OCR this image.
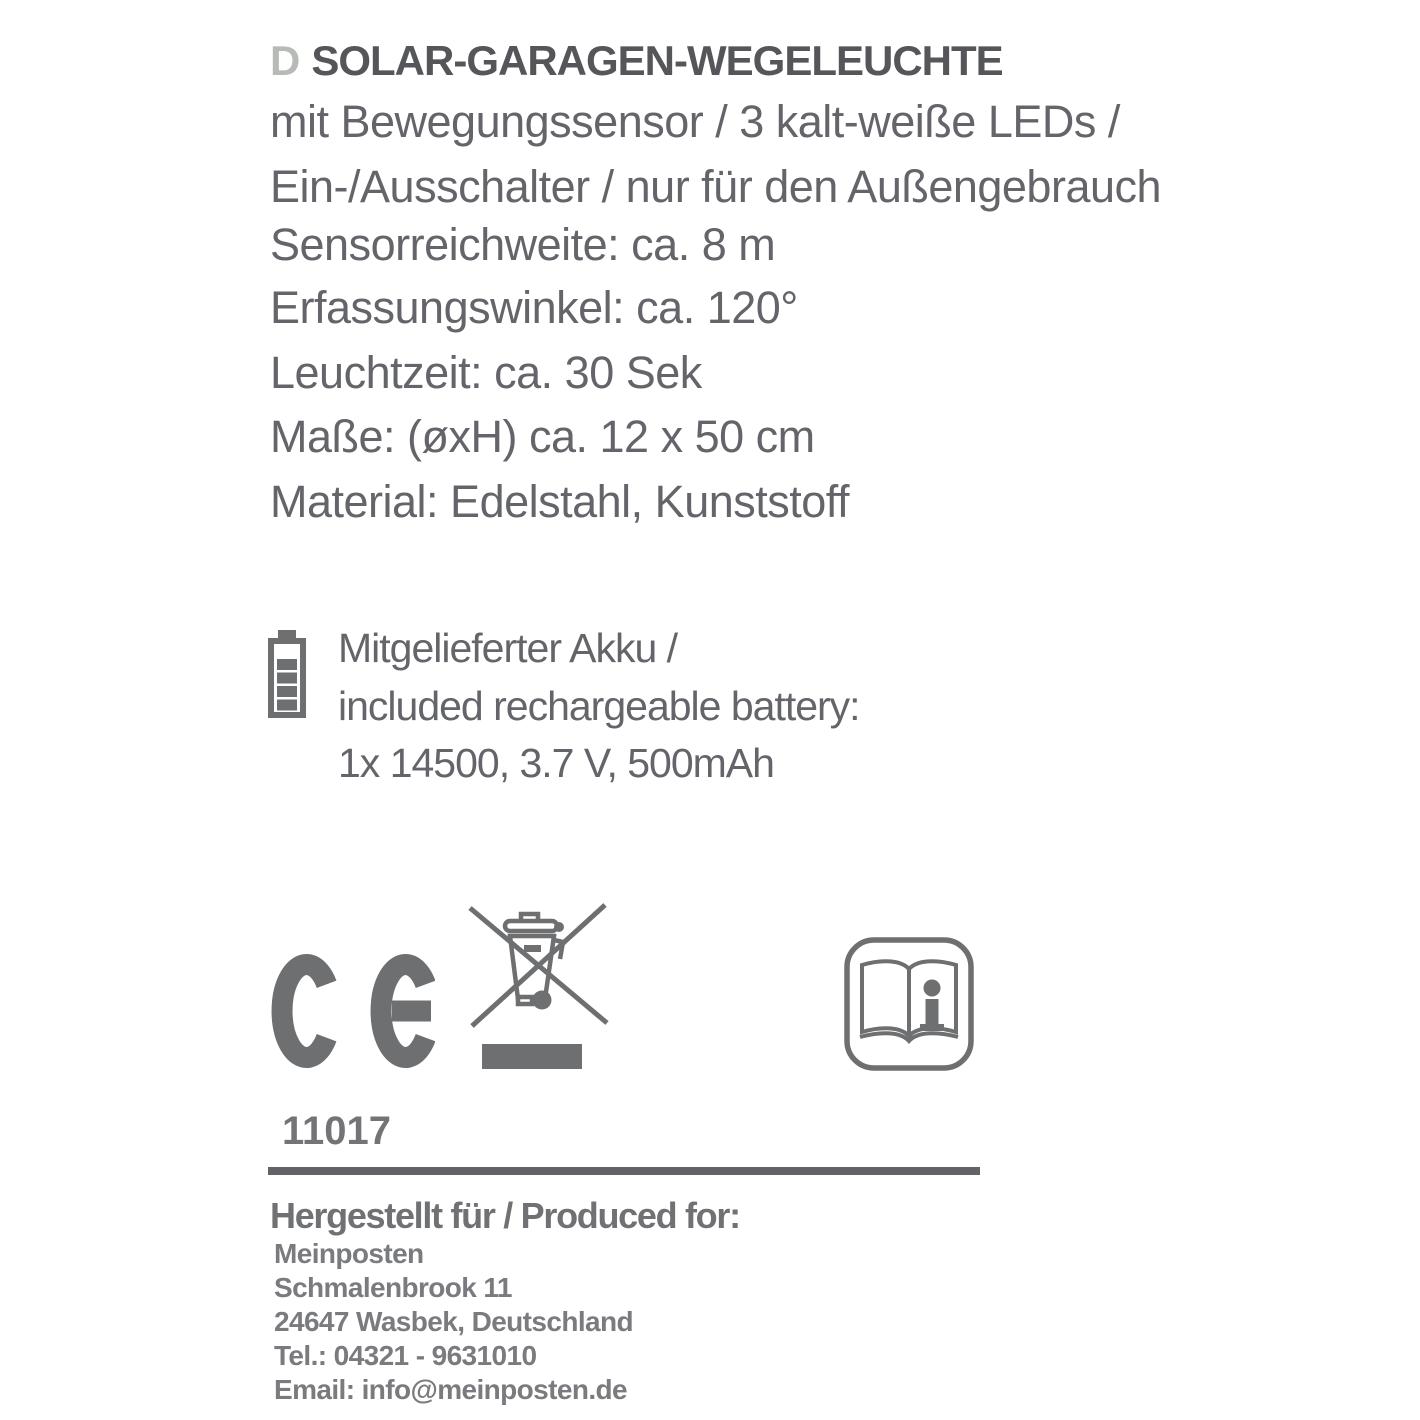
D SOLAR-GARAGEN-WEGELEUCHTE
mit Bewegungssensor / 3 kalt-weiße LEDs /
Ein-/Ausschalter / nur für den Außengebrauch
Sensorreichweite: ca. 8 m
Erfassungswinkel: ca. 120°
Leuchtzeit: ca. 30 Sek
Maße: (øxH) ca. 12 x 50 cm
Material: Edelstahl, Kunststoff
Mitgelieferter Akku /
included rechargeable battery:
1x 14500, 3.7 V, 500mAh
11017
Hergestellt für / Produced for:
Meinposten
Schmalenbrook 11
24647 Wasbek, Deutschland
Tel.: 04321 - 9631010
Email: info@meinposten.de
